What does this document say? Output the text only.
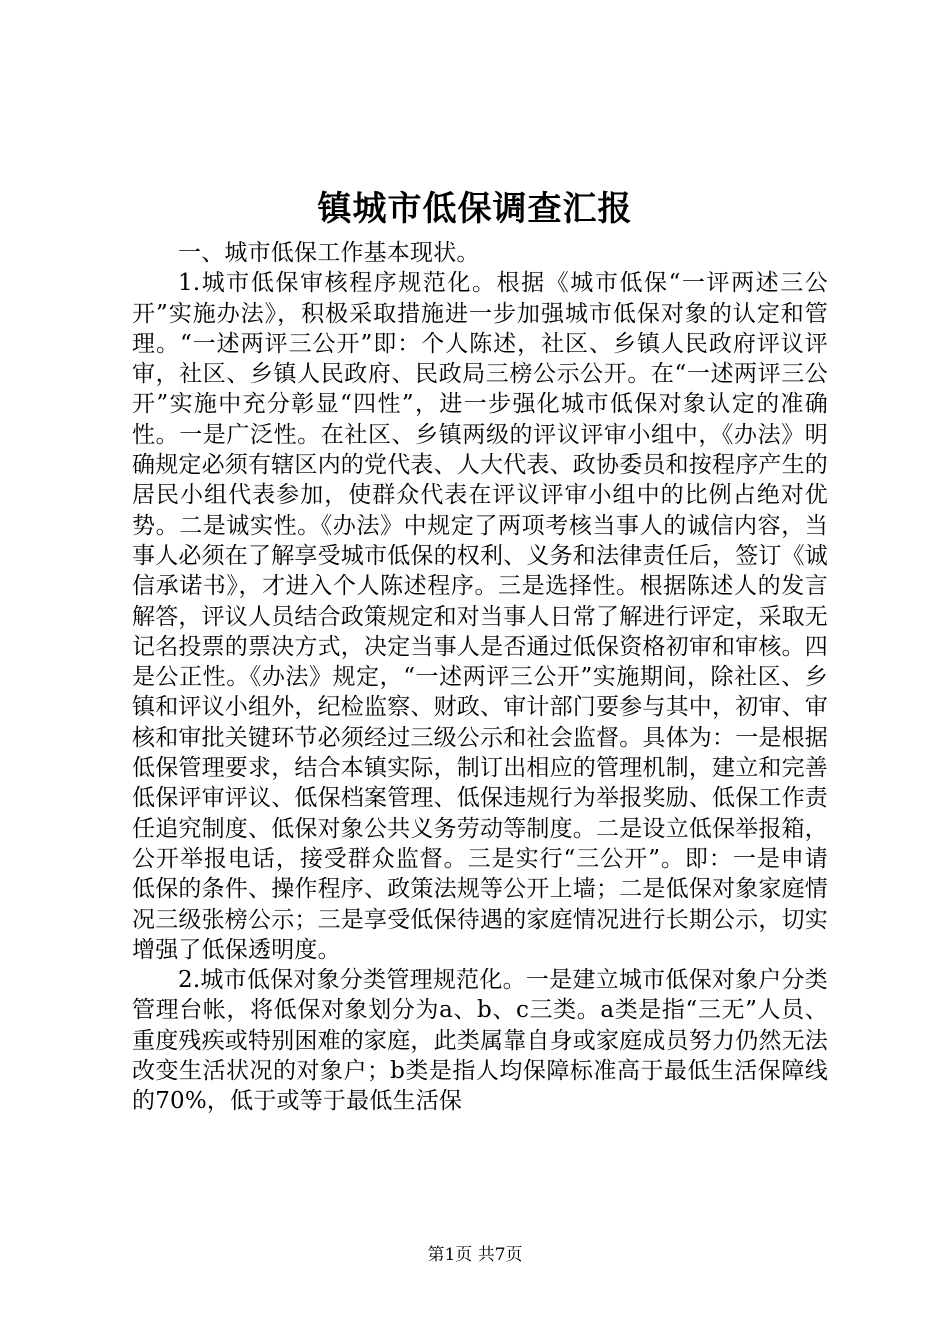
镇城市低保调查汇报

一、城市低保工作基本现状。

1.城市低保审核程序规范化。根据《城市低保“一评两述三公开”实施办法》，积极采取措施进一步加强城市低保对象的认定和管理。“一述两评三公开”即：个人陈述，社区、乡镇人民政府评议评审，社区、乡镇人民政府、民政局三榜公示公开。在“一述两评三公开”实施中充分彰显“四性”，进一步强化城市低保对象认定的准确性。一是广泛性。在社区、乡镇两级的评议评审小组中，《办法》明确规定必须有辖区内的党代表、人大代表、政协委员和按程序产生的居民小组代表参加，使群众代表在评议评审小组中的比例占绝对优势。二是诚实性。《办法》中规定了两项考核当事人的诚信内容，当事人必须在了解享受城市低保的权利、义务和法律责任后，签订《诚信承诺书》，才进入个人陈述程序。三是选择性。根据陈述人的发言解答，评议人员结合政策规定和对当事人日常了解进行评定，采取无记名投票的票决方式，决定当事人是否通过低保资格初审和审核。四是公正性。《办法》规定，“一述两评三公开”实施期间，除社区、乡镇和评议小组外，纪检监察、财政、审计部门要参与其中，初审、审核和审批关键环节必须经过三级公示和社会监督。具体为：一是根据低保管理要求，结合本镇实际，制订出相应的管理机制，建立和完善低保评审评议、低保档案管理、低保违规行为举报奖励、低保工作责任追究制度、低保对象公共义务劳动等制度。二是设立低保举报箱，公开举报电话，接受群众监督。三是实行“三公开”。即：一是申请低保的条件、操作程序、政策法规等公开上墙；二是低保对象家庭情况三级张榜公示；三是享受低保待遇的家庭情况进行长期公示，切实增强了低保透明度。

2.城市低保对象分类管理规范化。一是建立城市低保对象户分类管理台帐，将低保对象划分为a、b、c三类。a类是指“三无”人员、重度残疾或特别困难的家庭，此类属靠自身或家庭成员努力仍然无法改变生活状况的对象户；b类是指人均保障标准高于最低生活保障线的70%，低于或等于最低生活保

第1页 共7页
